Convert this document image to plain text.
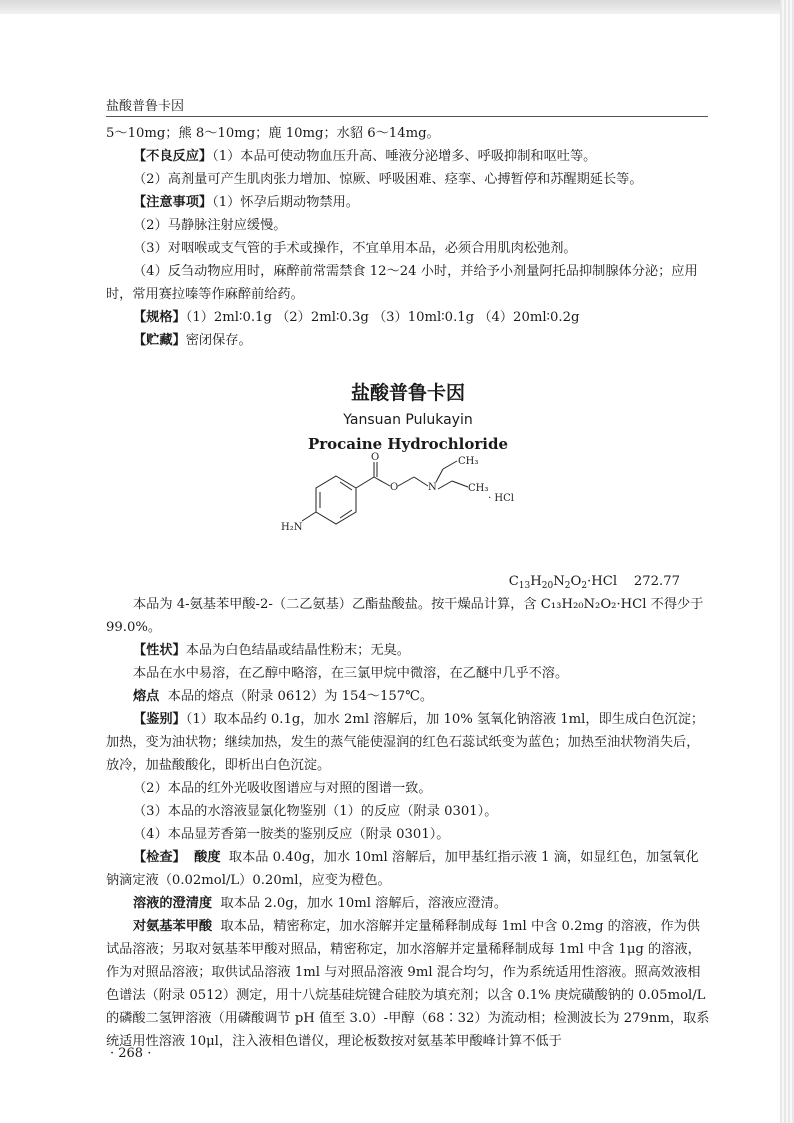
盐酸普鲁卡因

5～10mg；熊 8～10mg；鹿 10mg；水貂 6～14mg。

【不良反应】（1）本品可使动物血压升高、唾液分泌增多、呼吸抑制和呕吐等。

（2）高剂量可产生肌肉张力增加、惊厥、呼吸困难、痉挛、心搏暂停和苏醒期延长等。

【注意事项】（1）怀孕后期动物禁用。

（2）马静脉注射应缓慢。

（3）对咽喉或支气管的手术或操作，不宜单用本品，必须合用肌肉松弛剂。

（4）反刍动物应用时，麻醉前常需禁食 12～24 小时，并给予小剂量阿托品抑制腺体分泌；应用时，常用赛拉嗪等作麻醉前给药。

【规格】（1）2ml∶0.1g （2）2ml∶0.3g （3）10ml∶0.1g （4）20ml∶0.2g

【贮藏】密闭保存。

盐酸普鲁卡因
Yansuan Pulukayin
Procaine Hydrochloride
O
O	N
H₂N
CH₃
CH₃
· HCl

$C_{13}H_{20}N_2O_2\cdot HCl$ 272.77

本品为 4-氨基苯甲酸-2-（二乙氨基）乙酯盐酸盐。按干燥品计算，含 C₁₃H₂₀N₂O₂·HCl 不得少于 99.0%。

【性状】本品为白色结晶或结晶性粉末；无臭。

本品在水中易溶，在乙醇中略溶，在三氯甲烷中微溶，在乙醚中几乎不溶。

熔点 本品的熔点（附录 0612）为 154～157℃。

【鉴别】（1）取本品约 0.1g，加水 2ml 溶解后，加 10% 氢氧化钠溶液 1ml，即生成白色沉淀；加热，变为油状物；继续加热，发生的蒸气能使湿润的红色石蕊试纸变为蓝色；加热至油状物消失后，放冷，加盐酸酸化，即析出白色沉淀。

（2）本品的红外光吸收图谱应与对照的图谱一致。

（3）本品的水溶液显氯化物鉴别（1）的反应（附录 0301）。

（4）本品显芳香第一胺类的鉴别反应（附录 0301）。

【检查】 酸度 取本品 0.40g，加水 10ml 溶解后，加甲基红指示液 1 滴，如显红色，加氢氧化钠滴定液（0.02mol/L）0.20ml，应变为橙色。

溶液的澄清度 取本品 2.0g，加水 10ml 溶解后，溶液应澄清。

对氨基苯甲酸 取本品，精密称定，加水溶解并定量稀释制成每 1ml 中含 0.2mg 的溶液，作为供试品溶液；另取对氨基苯甲酸对照品，精密称定，加水溶解并定量稀释制成每 1ml 中含 1μg 的溶液，作为对照品溶液；取供试品溶液 1ml 与对照品溶液 9ml 混合均匀，作为系统适用性溶液。照高效液相色谱法（附录 0512）测定，用十八烷基硅烷键合硅胶为填充剂；以含 0.1% 庚烷磺酸钠的 0.05mol/L 的磷酸二氢钾溶液（用磷酸调节 pH 值至 3.0）-甲醇（68∶32）为流动相；检测波长为 279nm，取系统适用性溶液 10μl，注入液相色谱仪，理论板数按对氨基苯甲酸峰计算不低于

· 268 ·
